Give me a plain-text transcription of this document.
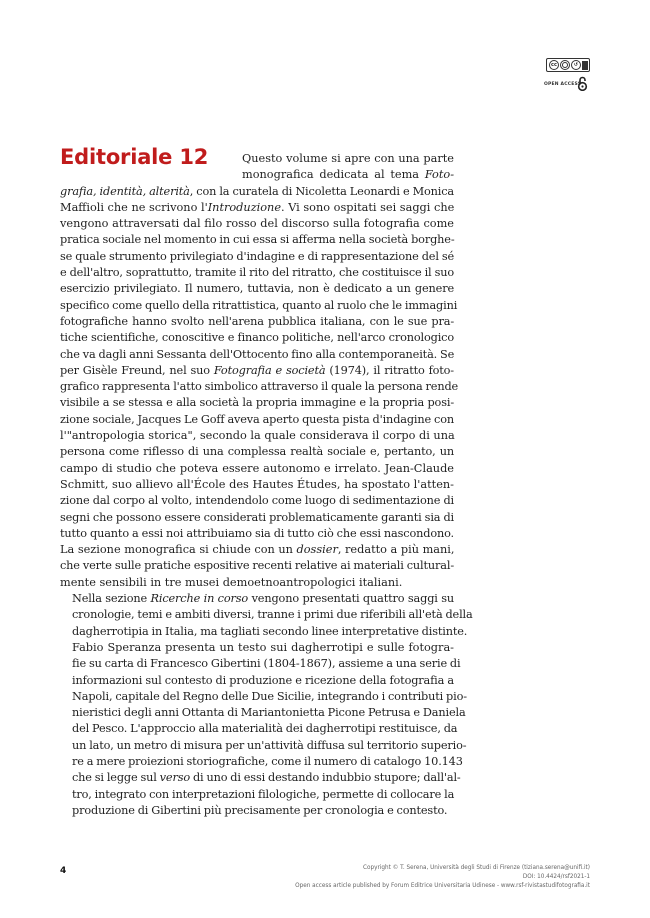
cc	↺
OPEN ACCESS
Editoriale 12	Questo volume si apre con una parte
monografica dedicata al tema Foto-
grafia, identità, alterità, con la curatela di Nicoletta Leonardi e Monica
Maffioli che ne scrivono l'Introduzione. Vi sono ospitati sei saggi che
vengono attraversati dal filo rosso del discorso sulla fotografia come
pratica sociale nel momento in cui essa si afferma nella società borghe-
se quale strumento privilegiato d'indagine e di rappresentazione del sé
e dell'altro, soprattutto, tramite il rito del ritratto, che costituisce il suo
esercizio privilegiato. Il numero, tuttavia, non è dedicato a un genere
specifico come quello della ritrattistica, quanto al ruolo che le immagini
fotografiche hanno svolto nell'arena pubblica italiana, con le sue pra-
tiche scientifiche, conoscitive e financo politiche, nell'arco cronologico
che va dagli anni Sessanta dell'Ottocento fino alla contemporaneità. Se
per Gisèle Freund, nel suo Fotografia e società (1974), il ritratto foto-
grafico rappresenta l'atto simbolico attraverso il quale la persona rende
visibile a se stessa e alla società la propria immagine e la propria posi-
zione sociale, Jacques Le Goff aveva aperto questa pista d'indagine con
l'"antropologia storica", secondo la quale considerava il corpo di una
persona come riflesso di una complessa realtà sociale e, pertanto, un
campo di studio che poteva essere autonomo e irrelato. Jean-Claude
Schmitt, suo allievo all'École des Hautes Études, ha spostato l'atten-
zione dal corpo al volto, intendendolo come luogo di sedimentazione di
segni che possono essere considerati problematicamente garanti sia di
tutto quanto a essi noi attribuiamo sia di tutto ciò che essi nascondono.
La sezione monografica si chiude con un dossier, redatto a più mani,
che verte sulle pratiche espositive recenti relative ai materiali cultural-
mente sensibili in tre musei demoetnoantropologici italiani.

Nella sezione Ricerche in corso vengono presentati quattro saggi su
cronologie, temi e ambiti diversi, tranne i primi due riferibili all'età della
dagherrotipia in Italia, ma tagliati secondo linee interpretative distinte.

Fabio Speranza presenta un testo sui dagherrotipi e sulle fotogra-
fie su carta di Francesco Gibertini (1804-1867), assieme a una serie di
informazioni sul contesto di produzione e ricezione della fotografia a
Napoli, capitale del Regno delle Due Sicilie, integrando i contributi pio-
nieristici degli anni Ottanta di Mariantonietta Picone Petrusa e Daniela
del Pesco. L'approccio alla materialità dei dagherrotipi restituisce, da
un lato, un metro di misura per un'attività diffusa sul territorio superio-
re a mere proiezioni storiografiche, come il numero di catalogo 10.143
che si legge sul verso di uno di essi destando indubbio stupore; dall'al-
tro, integrato con interpretazioni filologiche, permette di collocare la
produzione di Gibertini più precisamente per cronologia e contesto.

4	Copyright © T. Serena, Università degli Studi di Firenze (tiziana.serena@unifi.it)
DOI: 10.4424/rsf2021-1
Open access article published by Forum Editrice Universitaria Udinese - www.rsf-rivistastudifotografia.it
